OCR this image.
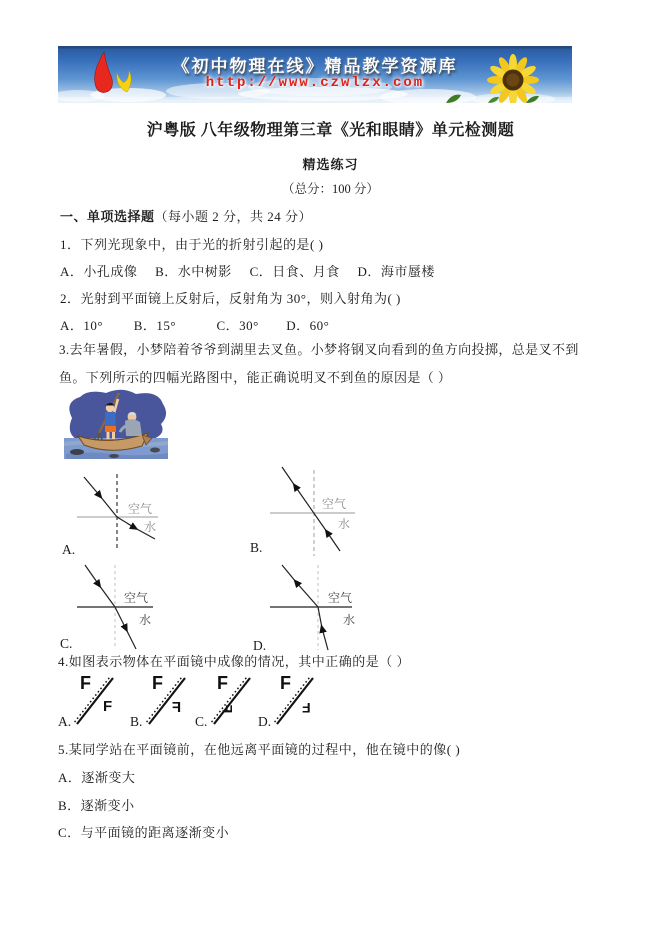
《初中物理在线》精品教学资源库
http://www.czwlzx.com
沪粤版 八年级物理第三章《光和眼睛》单元检测题
精选练习
（总分：100 分）
一、单项选择题（每小题 2 分，共 24 分）
1．下列光现象中，由于光的折射引起的是( )
A．小孔成像 B．水中树影 C．日食、月食 D．海市蜃楼
2．光射到平面镜上反射后，反射角为 30°，则入射角为( )
A．10° B．15°	C．30° D．60°
3.去年暑假，小梦陪着爷爷到湖里去叉鱼。小梦将钢叉向看到的鱼方向投掷，总是叉不到鱼。下列所示的四幅光路图中，能正确说明叉不到鱼的原因是（ ）
空气
水
A.
空气
水
B.
空气
水
C.
空气
水
D.
4.如图表示物体在平面镜中成像的情况，其中正确的是（ ）
A.
F
F
B.
F
F
C.
F
F
D.
F
F
5.某同学站在平面镜前，在他远离平面镜的过程中，他在镜中的像( )
A．逐渐变大
B．逐渐变小
C．与平面镜的距离逐渐变小
